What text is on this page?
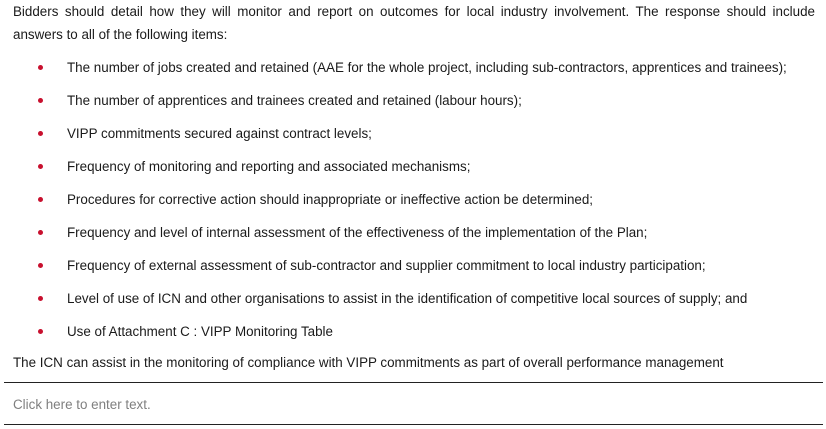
Bidders should detail how they will monitor and report on outcomes for local industry involvement. The response should include answers to all of the following items:

The number of jobs created and retained (AAE for the whole project, including sub-contractors, apprentices and trainees);
The number of apprentices and trainees created and retained (labour hours);
VIPP commitments secured against contract levels;
Frequency of monitoring and reporting and associated mechanisms;
Procedures for corrective action should inappropriate or ineffective action be determined;
Frequency and level of internal assessment of the effectiveness of the implementation of the Plan;
Frequency of external assessment of sub-contractor and supplier commitment to local industry participation;
Level of use of ICN and other organisations to assist in the identification of competitive local sources of supply; and
Use of Attachment C : VIPP Monitoring Table

The ICN can assist in the monitoring of compliance with VIPP commitments as part of overall performance management

Click here to enter text.
